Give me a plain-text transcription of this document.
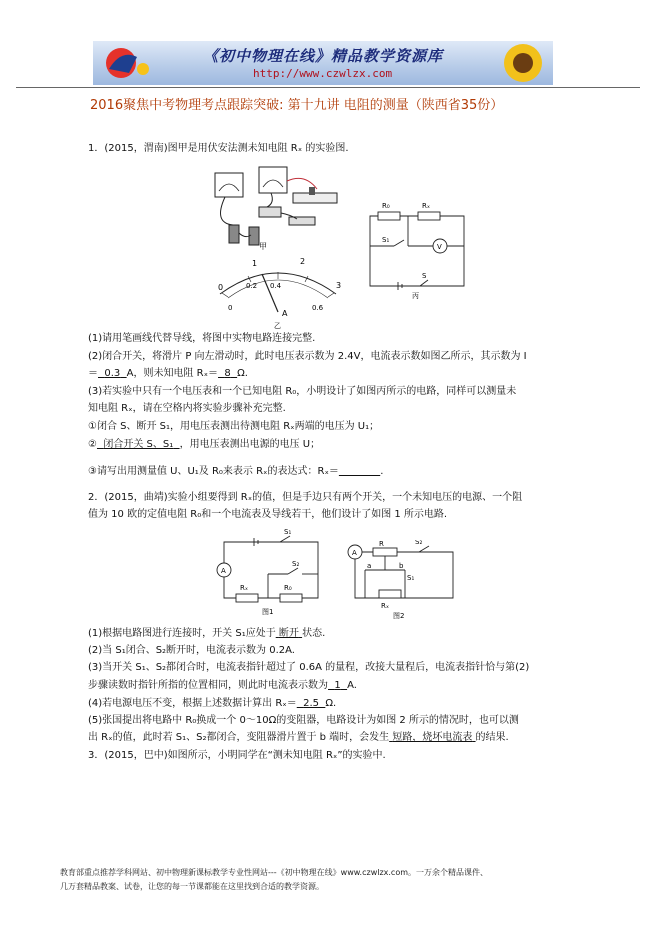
《初中物理在线》精品教学资源库
http://www.czwlzx.com
2016聚焦中考物理考点跟踪突破: 第十九讲 电阻的测量（陕西省35份）
1．(2015，渭南)图甲是用伏安法测未知电阻 Rₓ 的实验图.
甲
0
1	2
3
0
0.2 0.4
0.6
A
乙
R₀	Rₓ
S₁
V
S
丙
(1)请用笔画线代替导线，将图中实物电路连接完整.
(2)闭合开关，将滑片 P 向左滑动时，此时电压表示数为 2.4V，电流表示数如图乙所示，其示数为 I
＝ 0.3 A，则未知电阻 Rₓ＝ 8 Ω.
(3)若实验中只有一个电压表和一个已知电阻 R₀，小明设计了如图丙所示的电路，同样可以测量未
知电阻 Rₓ，请在空格内将实验步骤补充完整.
①闭合 S、断开 S₁，用电压表测出待测电阻 Rₓ两端的电压为 U₁；
② 闭合开关 S、S₁ ，用电压表测出电源的电压 U；
③请写出用测量值 U、U₁及 R₀来表示 Rₓ的表达式：Rₓ＝	.
2．(2015，曲靖)实验小组要得到 Rₓ的值，但是手边只有两个开关，一个未知电压的电源、一个阻
值为 10 欧的定值电阻 R₀和一个电流表及导线若干，他们设计了如图 1 所示电路.
A
S₁
S₂
Rₓ	R₀
图1
A
R	S₂
a	b
S₁
Rₓ
图2
(1)根据电路图进行连接时，开关 S₁应处于 断开 状态.
(2)当 S₁闭合、S₂断开时，电流表示数为 0.2A.
(3)当开关 S₁、S₂都闭合时，电流表指针超过了 0.6A 的量程，改接大量程后，电流表指针恰与第(2)
步骤读数时指针所指的位置相同，则此时电流表示数为 1 A.
(4)若电源电压不变，根据上述数据计算出 Rₓ＝ 2.5 Ω.
(5)张国提出将电路中 R₀换成一个 0～10Ω的变阻器，电路设计为如图 2 所示的情况时，也可以测
出 Rₓ的值，此时若 S₁、S₂都闭合，变阻器滑片置于 b 端时，会发生 短路，烧坏电流表 的结果.
3．(2015，巴中)如图所示，小明同学在“测未知电阻 Rₓ”的实验中.
教育部重点推荐学科网站、初中物理新课标教学专业性网站---《初中物理在线》www.czwlzx.com。一万余个精品课件、
几万套精品教案、试卷，让您的每一节课都能在这里找到合适的教学资源。
